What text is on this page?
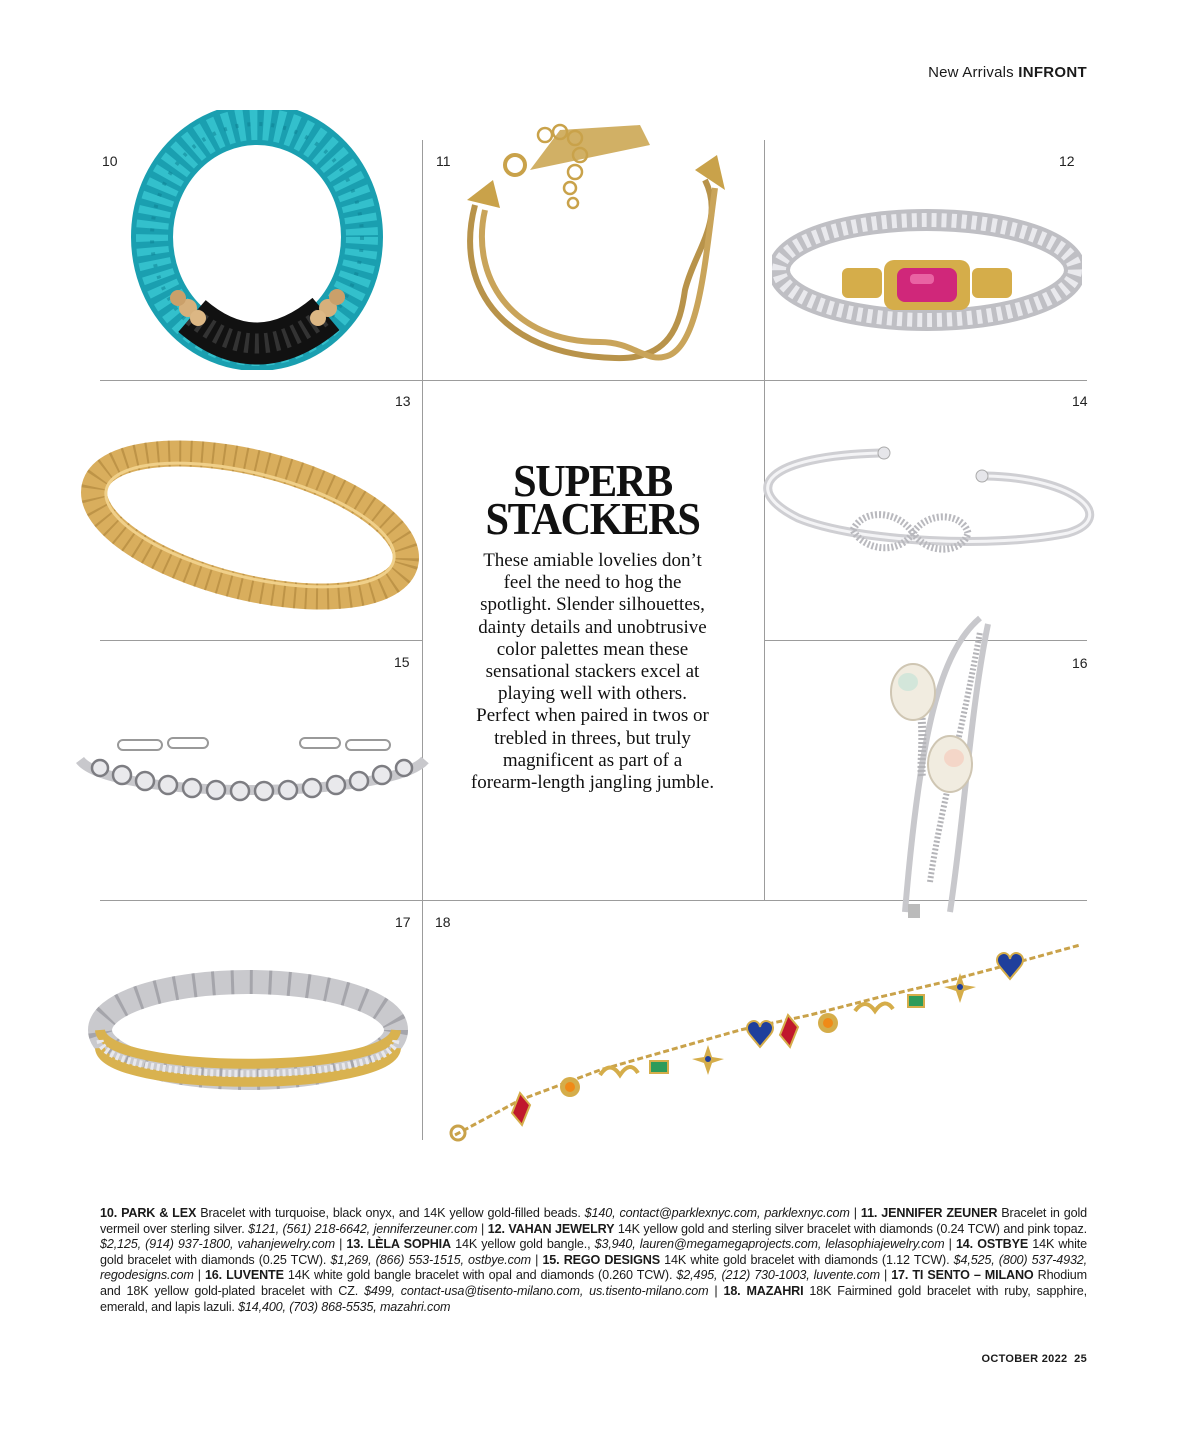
New Arrivals INFRONT
10	11	12
13	14
15	16
17 18
SUPERB
STACKERS
These amiable lovelies don’t feel the need to hog the spotlight. Slender silhouettes, dainty details and unobtrusive color palettes mean these sensational stackers excel at playing well with others. Perfect when paired in twos or trebled in threes, but truly magnificent as part of a forearm-length jangling jumble.
10. PARK & LEX Bracelet with turquoise, black onyx, and 14K yellow gold-filled beads. $140, contact@parklexnyc.com, parklexnyc.com | 11. JENNIFER ZEUNER Bracelet in gold vermeil over sterling silver. $121, (561) 218-6642, jenniferzeuner.com | 12. VAHAN JEWELRY 14K yellow gold and sterling silver bracelet with diamonds (0.24 TCW) and pink topaz. $2,125, (914) 937-1800, vahanjewelry.com | 13. LÈLA SOPHIA 14K yellow gold bangle., $3,940, lauren@megamegaprojects.com, lelasophiajewelry.com | 14. OSTBYE 14K white gold bracelet with diamonds (0.25 TCW). $1,269, (866) 553-1515, ostbye.com | 15. REGO DESIGNS 14K white gold bracelet with diamonds (1.12 TCW). $4,525, (800) 537-4932, regodesigns.com | 16. LUVENTE 14K white gold bangle bracelet with opal and diamonds (0.260 TCW). $2,495, (212) 730-1003, luvente.com | 17. TI SENTO – MILANO Rhodium and 18K yellow gold-plated bracelet with CZ. $499, contact-usa@tisento-milano.com, us.tisento-milano.com | 18. MAZAHRI 18K Fairmined gold bracelet with ruby, sapphire, emerald, and lapis lazuli. $14,400, (703) 868-5535, mazahri.com
OCTOBER 2022 25
